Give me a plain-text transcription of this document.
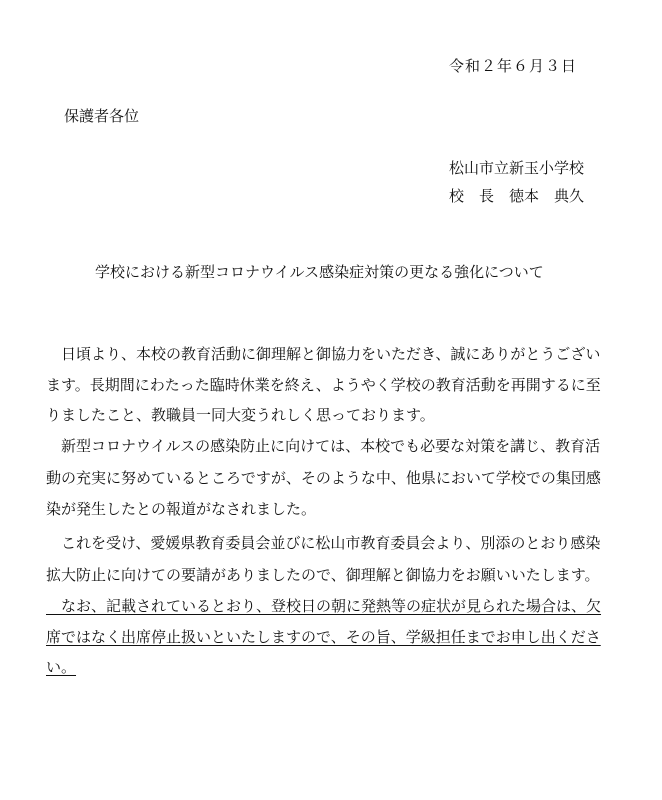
令和２年６月３日
保護者各位
松山市立新玉小学校
校　長　徳本　典久
学校における新型コロナウイルス感染症対策の更なる強化について
　日頃より、本校の教育活動に御理解と御協力をいただき、誠にありがとうござい
ます。長期間にわたった臨時休業を終え、ようやく学校の教育活動を再開するに至
りましたこと、教職員一同大変うれしく思っております。
　新型コロナウイルスの感染防止に向けては、本校でも必要な対策を講じ、教育活
動の充実に努めているところですが、そのような中、他県において学校での集団感
染が発生したとの報道がなされました。
　これを受け、愛媛県教育委員会並びに松山市教育委員会より、別添のとおり感染
拡大防止に向けての要請がありましたので、御理解と御協力をお願いいたします。
　なお、記載されているとおり、登校日の朝に発熱等の症状が見られた場合は、欠
席ではなく出席停止扱いといたしますので、その旨、学級担任までお申し出くださ
い。
